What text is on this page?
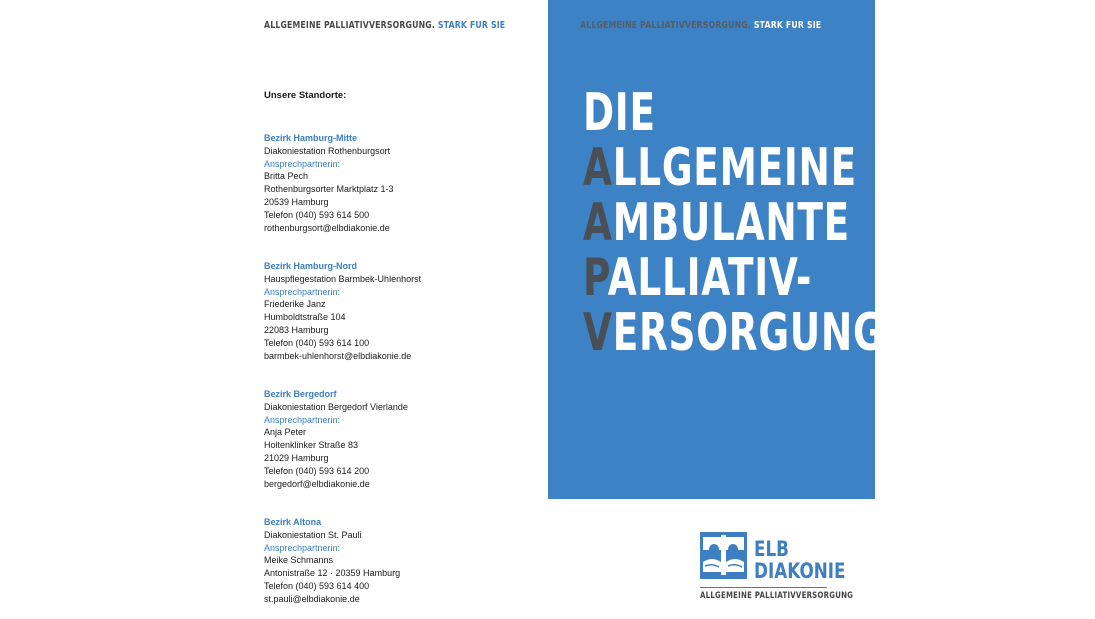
ALLGEMEINE PALLIATIVVERSORGUNG. STARK FÜR SIE
Unsere Standorte:
Bezirk Hamburg-Mitte
Diakoniestation Rothenburgsort
Ansprechpartnerin:
Britta Pech
Rothenburgsorter Marktplatz 1-3
20539 Hamburg
Telefon (040) 593 614 500
rothenburgsort@elbdiakonie.de
Bezirk Hamburg-Nord
Hauspflegestation Barmbek-Uhlenhorst
Ansprechpartnerin:
Friederike Janz
Humboldtstraße 104
22083 Hamburg
Telefon (040) 593 614 100
barmbek-uhlenhorst@elbdiakonie.de
Bezirk Bergedorf
Diakoniestation Bergedorf Vierlande
Ansprechpartnerin:
Anja Peter
Holtenklinker Straße 83
21029 Hamburg
Telefon (040) 593 614 200
bergedorf@elbdiakonie.de
Bezirk Altona
Diakoniestation St. Pauli
Ansprechpartnerin:
Meike Schmanns
Antonistraße 12 · 20359 Hamburg
Telefon (040) 593 614 400
st.pauli@elbdiakonie.de
ALLGEMEINE PALLIATIVVERSORGUNG. STARK FÜR SIE
DIE
ALLGEMEINE
AMBULANTE
PALLIATIV-
VERSORGUNG
ELB
DIAKONIE
ALLGEMEINE PALLIATIVVERSORGUNG
